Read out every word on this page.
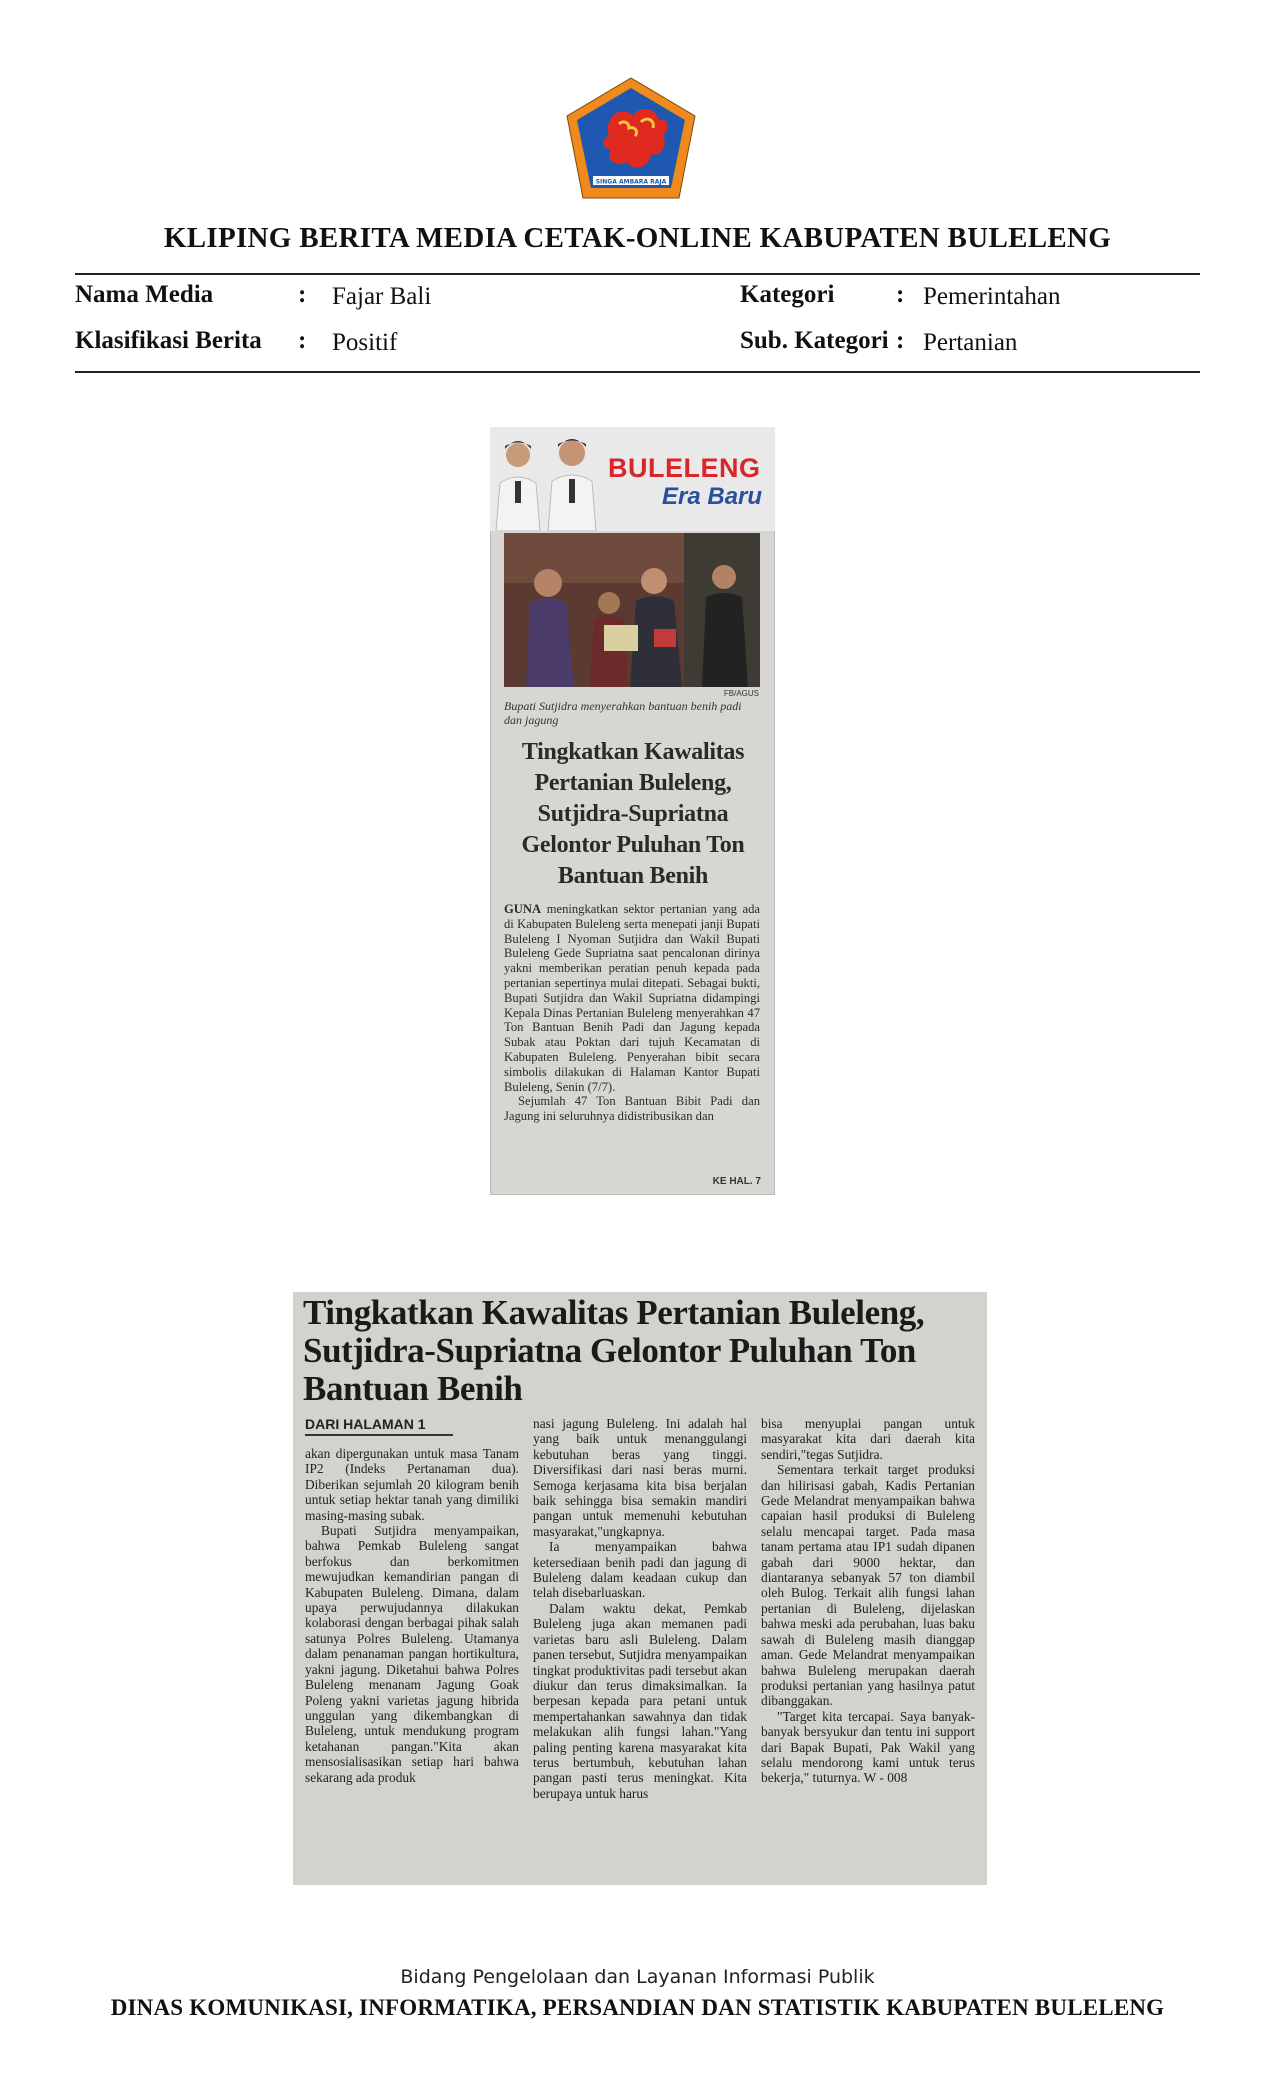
SINGA AMBARA RAJA
KLIPING BERITA MEDIA CETAK-ONLINE KABUPATEN BULELENG
Nama Media	: Fajar Bali	Kategori : Pemerintahan
Klasifikasi Berita : Positif	Sub. Kategori : Pertanian
BULELENG
Era Baru
FB/AGUS
Bupati Sutjidra menyerahkan bantuan benih padi dan jagung
Tingkatkan Kawalitas Pertanian Buleleng, Sutjidra-Supriatna Gelontor Puluhan Ton Bantuan Benih

GUNA meningkatkan sektor pertanian yang ada di Kabupaten Buleleng serta menepati janji Bupati Buleleng I Nyoman Sutjidra dan Wakil Bupati Buleleng Gede Supriatna saat pencalonan dirinya yakni memberikan peratian penuh kepada pada pertanian sepertinya mulai ditepati. Sebagai bukti, Bupati Sutjidra dan Wakil Supriatna didampingi Kepala Dinas Pertanian Buleleng menyerahkan 47 Ton Bantuan Benih Padi dan Jagung kepada Subak atau Poktan dari tujuh Kecamatan di Kabupaten Buleleng. Penyerahan bibit secara simbolis dilakukan di Halaman Kantor Bupati Buleleng, Senin (7/7).

Sejumlah 47 Ton Bantuan Bibit Padi dan Jagung ini seluruhnya didistribusikan dan

KE HAL. 7
Tingkatkan Kawalitas Pertanian Buleleng, Sutjidra-Supriatna Gelontor Puluhan Ton Bantuan Benih
DARI HALAMAN 1

akan dipergunakan untuk masa Tanam IP2 (Indeks Pertanaman dua). Diberikan sejumlah 20 kilogram benih untuk setiap hektar tanah yang dimiliki masing-masing subak.

Bupati Sutjidra menyampaikan, bahwa Pemkab Buleleng sangat berfokus dan berkomitmen mewujudkan kemandirian pangan di Kabupaten Buleleng. Dimana, dalam upaya perwujudannya dilakukan kolaborasi dengan berbagai pihak salah satunya Polres Buleleng. Utamanya dalam penanaman pangan hortikultura, yakni jagung. Diketahui bahwa Polres Buleleng menanam Jagung Goak Poleng yakni varietas jagung hibrida unggulan yang dikembangkan di Buleleng, untuk mendukung program ketahanan pangan."Kita akan mensosialisasikan setiap hari bahwa sekarang ada produk

nasi jagung Buleleng. Ini adalah hal yang baik untuk menanggulangi kebutuhan beras yang tinggi. Diversifikasi dari nasi beras murni. Semoga kerjasama kita bisa berjalan baik sehingga bisa semakin mandiri pangan untuk memenuhi kebutuhan masyarakat,"ungkapnya.

Ia menyampaikan bahwa ketersediaan benih padi dan jagung di Buleleng dalam keadaan cukup dan telah disebarluaskan.

Dalam waktu dekat, Pemkab Buleleng juga akan memanen padi varietas baru asli Buleleng. Dalam panen tersebut, Sutjidra menyampaikan tingkat produktivitas padi tersebut akan diukur dan terus dimaksimalkan. Ia berpesan kepada para petani untuk mempertahankan sawahnya dan tidak melakukan alih fungsi lahan."Yang paling penting karena masyarakat kita terus bertumbuh, kebutuhan lahan pangan pasti terus meningkat. Kita berupaya untuk harus

bisa menyuplai pangan untuk masyarakat kita dari daerah kita sendiri,"tegas Sutjidra.

Sementara terkait target produksi dan hilirisasi gabah, Kadis Pertanian Gede Melandrat menyampaikan bahwa capaian hasil produksi di Buleleng selalu mencapai target. Pada masa tanam pertama atau IP1 sudah dipanen gabah dari 9000 hektar, dan diantaranya sebanyak 57 ton diambil oleh Bulog. Terkait alih fungsi lahan pertanian di Buleleng, dijelaskan bahwa meski ada perubahan, luas baku sawah di Buleleng masih dianggap aman. Gede Melandrat menyampaikan bahwa Buleleng merupakan daerah produksi pertanian yang hasilnya patut dibanggakan.

"Target kita tercapai. Saya banyak-banyak bersyukur dan tentu ini support dari Bapak Bupati, Pak Wakil yang selalu mendorong kami untuk terus bekerja," tuturnya. W - 008

Bidang Pengelolaan dan Layanan Informasi Publik
DINAS KOMUNIKASI, INFORMATIKA, PERSANDIAN DAN STATISTIK KABUPATEN BULELENG
